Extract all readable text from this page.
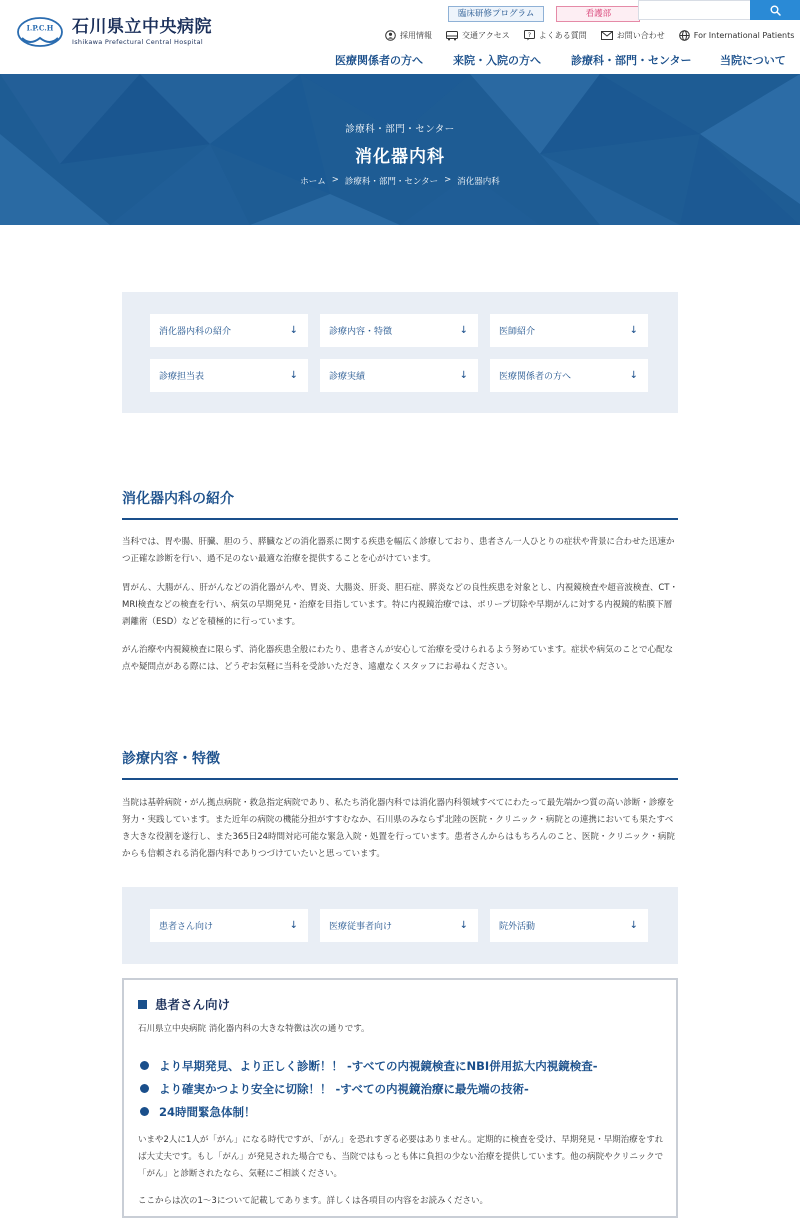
I.P.C.H 石川県立中央病院
Ishikawa Prefectural Central Hospital
臨床研修プログラム	看護部
採用情報	交通アクセス	? よくある質問	お問い合わせ	For International Patients
医療関係者の方へ	来院・入院の方へ	診療科・部門・センター	当院について
診療科・部門・センター
消化器内科
ホーム > 診療科・部門・センター > 消化器内科
消化器内科の紹介	↓	診療内容・特徴	↓	医師紹介	↓
診療担当表	↓	診療実績	↓	医療関係者の方へ	↓
消化器内科の紹介
当科では、胃や腸、肝臓、胆のう、膵臓などの消化器系に関する疾患を幅広く診療しており、患者さん一人ひとりの症状や背景に合わせた迅速かつ正確な診断を行い、過不足のない最適な治療を提供することを心がけています。
胃がん、大腸がん、肝がんなどの消化器がんや、胃炎、大腸炎、肝炎、胆石症、膵炎などの良性疾患を対象とし、内視鏡検査や超音波検査、CT・MRI検査などの検査を行い、病気の早期発見・治療を目指しています。特に内視鏡治療では、ポリープ切除や早期がんに対する内視鏡的粘膜下層剥離術（ESD）などを積極的に行っています。
がん治療や内視鏡検査に限らず、消化器疾患全般にわたり、患者さんが安心して治療を受けられるよう努めています。症状や病気のことで心配な点や疑問点がある際には、どうぞお気軽に当科を受診いただき、遠慮なくスタッフにお尋ねください。
診療内容・特徴
当院は基幹病院・がん拠点病院・救急指定病院であり、私たち消化器内科では消化器内科領域すべてにわたって最先端かつ質の高い診断・診療を努力・実践しています。また近年の病院の機能分担がすすむなか、石川県のみならず北陸の医院・クリニック・病院との連携においても果たすべき大きな役割を遂行し、また365日24時間対応可能な緊急入院・処置を行っています。患者さんからはもちろんのこと、医院・クリニック・病院からも信頼される消化器内科でありつづけていたいと思っています。
患者さん向け	↓	医療従事者向け	↓	院外活動	↓
患者さん向け
石川県立中央病院 消化器内科の大きな特徴は次の通りです。
より早期発見、より正しく診断！！ -すべての内視鏡検査にNBI併用拡大内視鏡検査-
より確実かつより安全に切除！！ -すべての内視鏡治療に最先端の技術-
24時間緊急体制！
いまや2人に1人が「がん」になる時代ですが、「がん」を恐れすぎる必要はありません。定期的に検査を受け、早期発見・早期治療をすれば大丈夫です。もし「がん」が発見された場合でも、当院ではもっとも体に負担の少ない治療を提供しています。他の病院やクリニックで「がん」と診断されたなら、気軽にご相談ください。
ここからは次の1〜3について記載してあります。詳しくは各項目の内容をお読みください。
